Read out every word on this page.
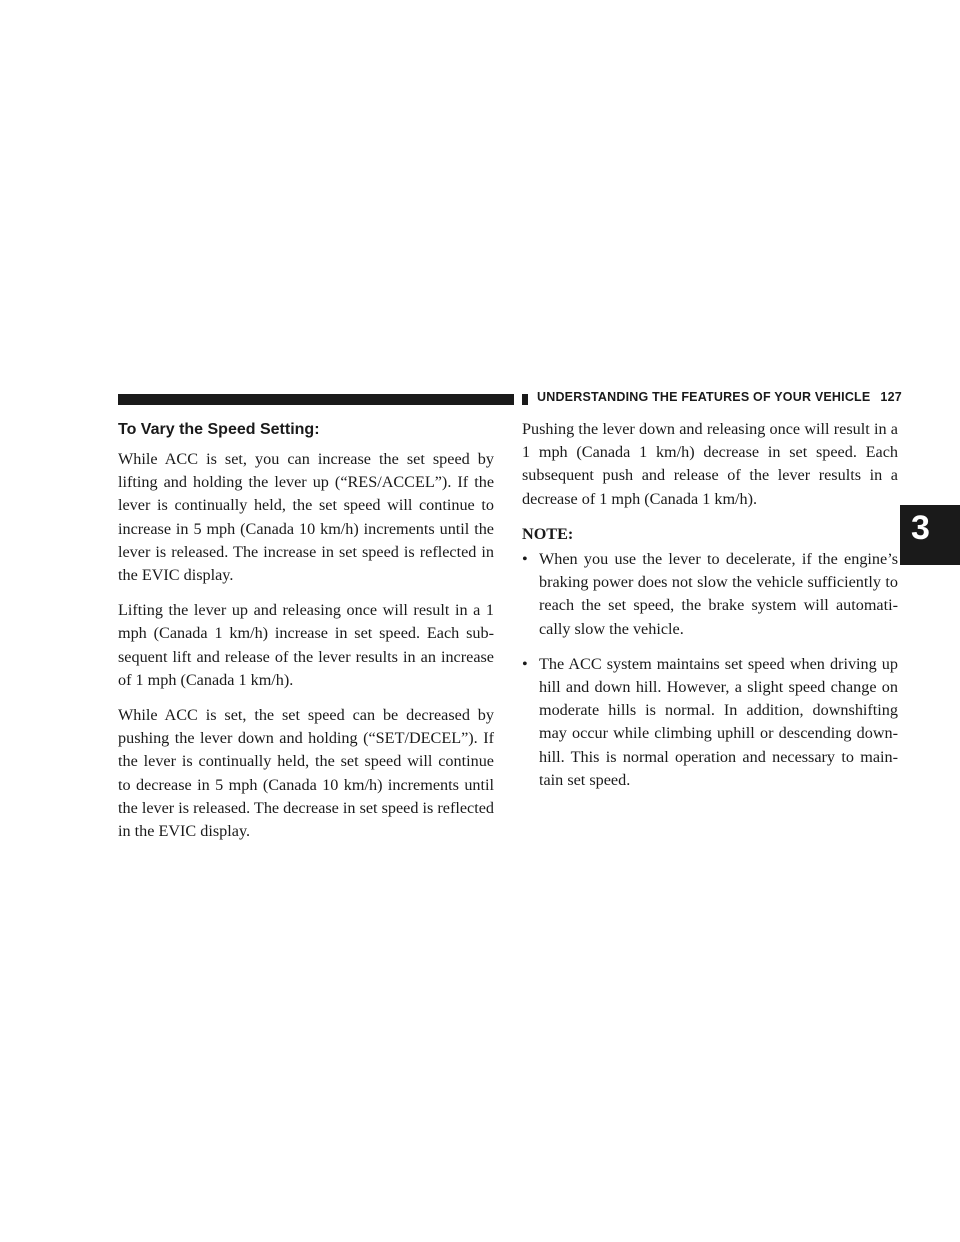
UNDERSTANDING THE FEATURES OF YOUR VEHICLE 127
3
To Vary the Speed Setting:

While ACC is set, you can increase the set speed by lifting and holding the lever up (“RES/ACCEL”). If the lever is continually held, the set speed will continue to increase in 5 mph (Canada 10 km/h) increments until the lever is released. The increase in set speed is reflected in the EVIC display.

Lifting the lever up and releasing once will result in a 1 mph (Canada 1 km/h) increase in set speed. Each sub-sequent lift and release of the lever results in an increase of 1 mph (Canada 1 km/h).

While ACC is set, the set speed can be decreased by pushing the lever down and holding (“SET/DECEL”). If the lever is continually held, the set speed will continue to decrease in 5 mph (Canada 10 km/h) increments until the lever is released. The decrease in set speed is reflected in the EVIC display.

Pushing the lever down and releasing once will result in a 1 mph (Canada 1 km/h) decrease in set speed. Each subsequent push and release of the lever results in a decrease of 1 mph (Canada 1 km/h).

NOTE:
• When you use the lever to decelerate, if the engine’s braking power does not slow the vehicle sufficiently to reach the set speed, the brake system will automati-cally slow the vehicle.
• The ACC system maintains set speed when driving up hill and down hill. However, a slight speed change on moderate hills is normal. In addition, downshifting may occur while climbing uphill or descending down-hill. This is normal operation and necessary to main-tain set speed.
